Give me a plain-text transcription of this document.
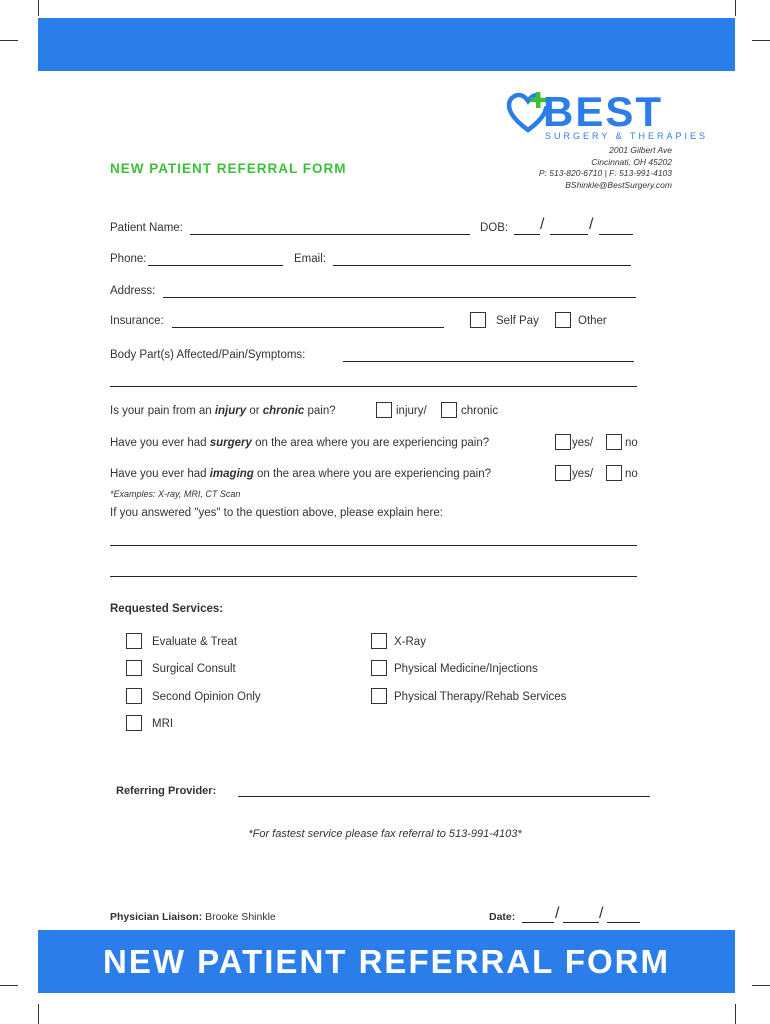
BEST
SURGERY & THERAPIES
2001 Gilbert Ave
Cincinnati, OH 45202
P: 513-820-6710 | F: 513-991-4103
BShinkle@BestSurgery.com
NEW PATIENT REFERRAL FORM
Patient Name:	DOB: /	/
Phone:	Email:
Address:
Insurance:	Self Pay	Other
Body Part(s) Affected/Pain/Symptoms:
Is your pain from an injury or chronic pain?	injury/	chronic
Have you ever had surgery on the area where you are experiencing pain?	yes/	no
Have you ever had imaging on the area where you are experiencing pain?	yes/	no
*Examples: X-ray, MRI, CT Scan
If you answered "yes" to the question above, please explain here:
Requested Services:
Evaluate & Treat
Surgical Consult
Second Opinion Only
MRI
X-Ray
Physical Medicine/Injections
Physical Therapy/Rehab Services
Referring Provider:
*For fastest service please fax referral to 513-991-4103*
Physician Liaison: Brooke Shinkle	Date: / /
NEW PATIENT REFERRAL FORM
